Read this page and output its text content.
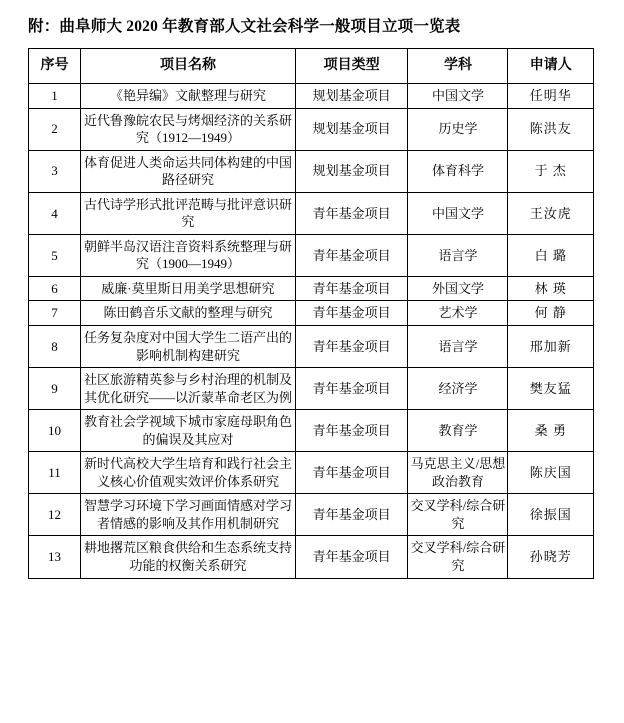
附：曲阜师大 2020 年教育部人文社会科学一般项目立项一览表
序号	项目名称	项目类型	学科	申请人
1	《艳异编》文献整理与研究	规划基金项目	中国文学	任明华
2	近代鲁豫皖农民与烤烟经济的关系研究（1912—1949）	规划基金项目	历史学	陈洪友
3	体育促进人类命运共同体构建的中国路径研究	规划基金项目	体育科学	于 杰
4	古代诗学形式批评范畴与批评意识研究	青年基金项目	中国文学	王汝虎
5	朝鲜半岛汉语注音资料系统整理与研究（1900—1949）	青年基金项目	语言学	白 璐
6	威廉·莫里斯日用美学思想研究	青年基金项目	外国文学	林 瑛
7	陈田鹤音乐文献的整理与研究	青年基金项目	艺术学	何 静
8	任务复杂度对中国大学生二语产出的影响机制构建研究	青年基金项目	语言学	邢加新
9	社区旅游精英参与乡村治理的机制及其优化研究——以沂蒙革命老区为例	青年基金项目	经济学	樊友猛
10	教育社会学视域下城市家庭母职角色的偏误及其应对	青年基金项目	教育学	桑 勇
11	新时代高校大学生培育和践行社会主义核心价值观实效评价体系研究	青年基金项目	马克思主义/思想政治教育	陈庆国
12	智慧学习环境下学习画面情感对学习者情感的影响及其作用机制研究	青年基金项目	交叉学科/综合研究	徐振国
13	耕地撂荒区粮食供给和生态系统支持功能的权衡关系研究	青年基金项目	交叉学科/综合研究	孙晓芳
